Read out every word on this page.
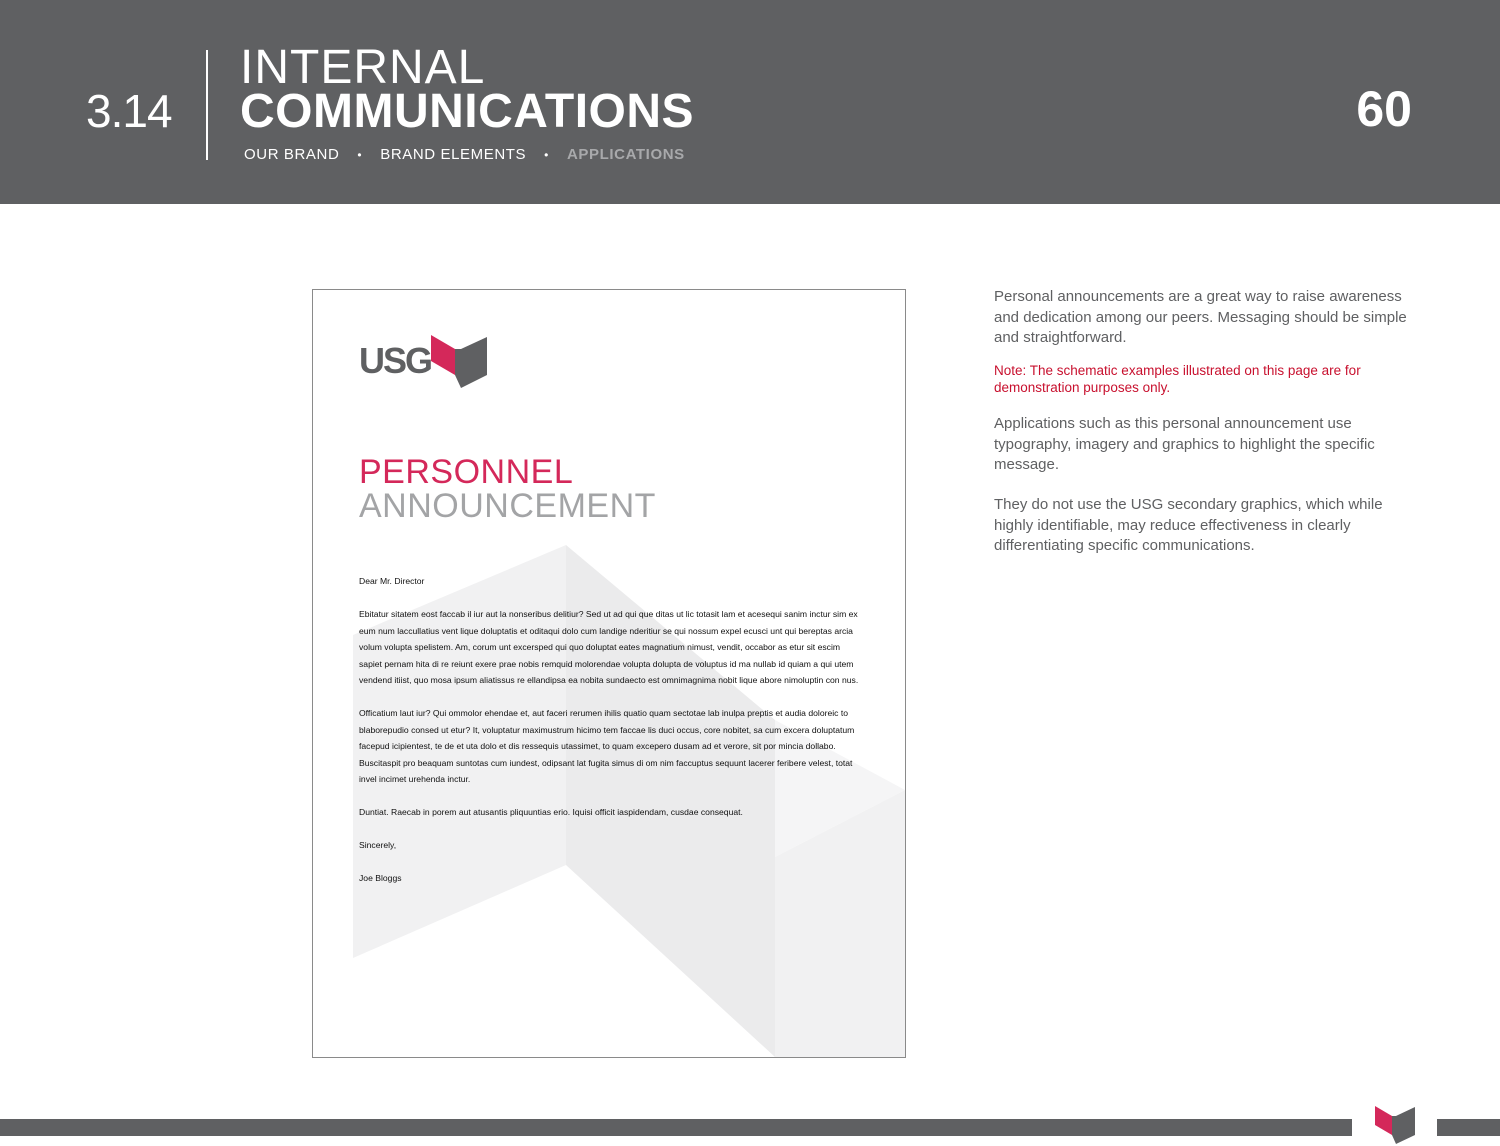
3.14
INTERNAL
COMMUNICATIONS
OUR BRAND • BRAND ELEMENTS • APPLICATIONS
60
USG
PERSONNEL
ANNOUNCEMENT

Dear Mr. Director

Ebitatur sitatem eost faccab il iur aut la nonseribus delitiur? Sed ut ad qui que ditas ut lic totasit lam et acesequi sanim inctur sim ex eum num laccullatius vent lique doluptatis et oditaqui dolo cum landige nderitiur se qui nossum expel ecusci unt qui bereptas arcia volum volupta spelistem. Am, corum unt excersped qui quo doluptat eates magnatium nimust, vendit, occabor as etur sit escim sapiet pernam hita di re reiunt exere prae nobis remquid molorendae volupta dolupta de voluptus id ma nullab id quiam a qui utem vendend itiist, quo mosa ipsum aliatissus re ellandipsa ea nobita sundaecto est omnimagnima nobit lique abore nimoluptin con nus.

Officatium laut iur? Qui ommolor ehendae et, aut faceri rerumen ihilis quatio quam sectotae lab inulpa preptis et audia doloreic to blaborepudio consed ut etur? It, voluptatur maximustrum hicimo tem faccae lis duci occus, core nobitet, sa cum excera doluptatum facepud icipientest, te de et uta dolo et dis ressequis utassimet, to quam excepero dusam ad et verore, sit por mincia dollabo. Buscitaspit pro beaquam suntotas cum iundest, odipsant lat fugita simus di om nim faccuptus sequunt lacerer feribere velest, totat invel incimet urehenda inctur.

Duntiat. Raecab in porem aut atusantis pliquuntias erio. Iquisi officit iaspidendam, cusdae consequat.

Sincerely,

Joe Bloggs

Personal announcements are a great way to raise awareness and dedication among our peers. Messaging should be simple and straightforward.
Note: The schematic examples illustrated on this page are for demonstration purposes only.
Applications such as this personal announcement use typography, imagery and graphics to highlight the specific message.
They do not use the USG secondary graphics, which while highly identifiable, may reduce effectiveness in clearly differentiating specific communications.
